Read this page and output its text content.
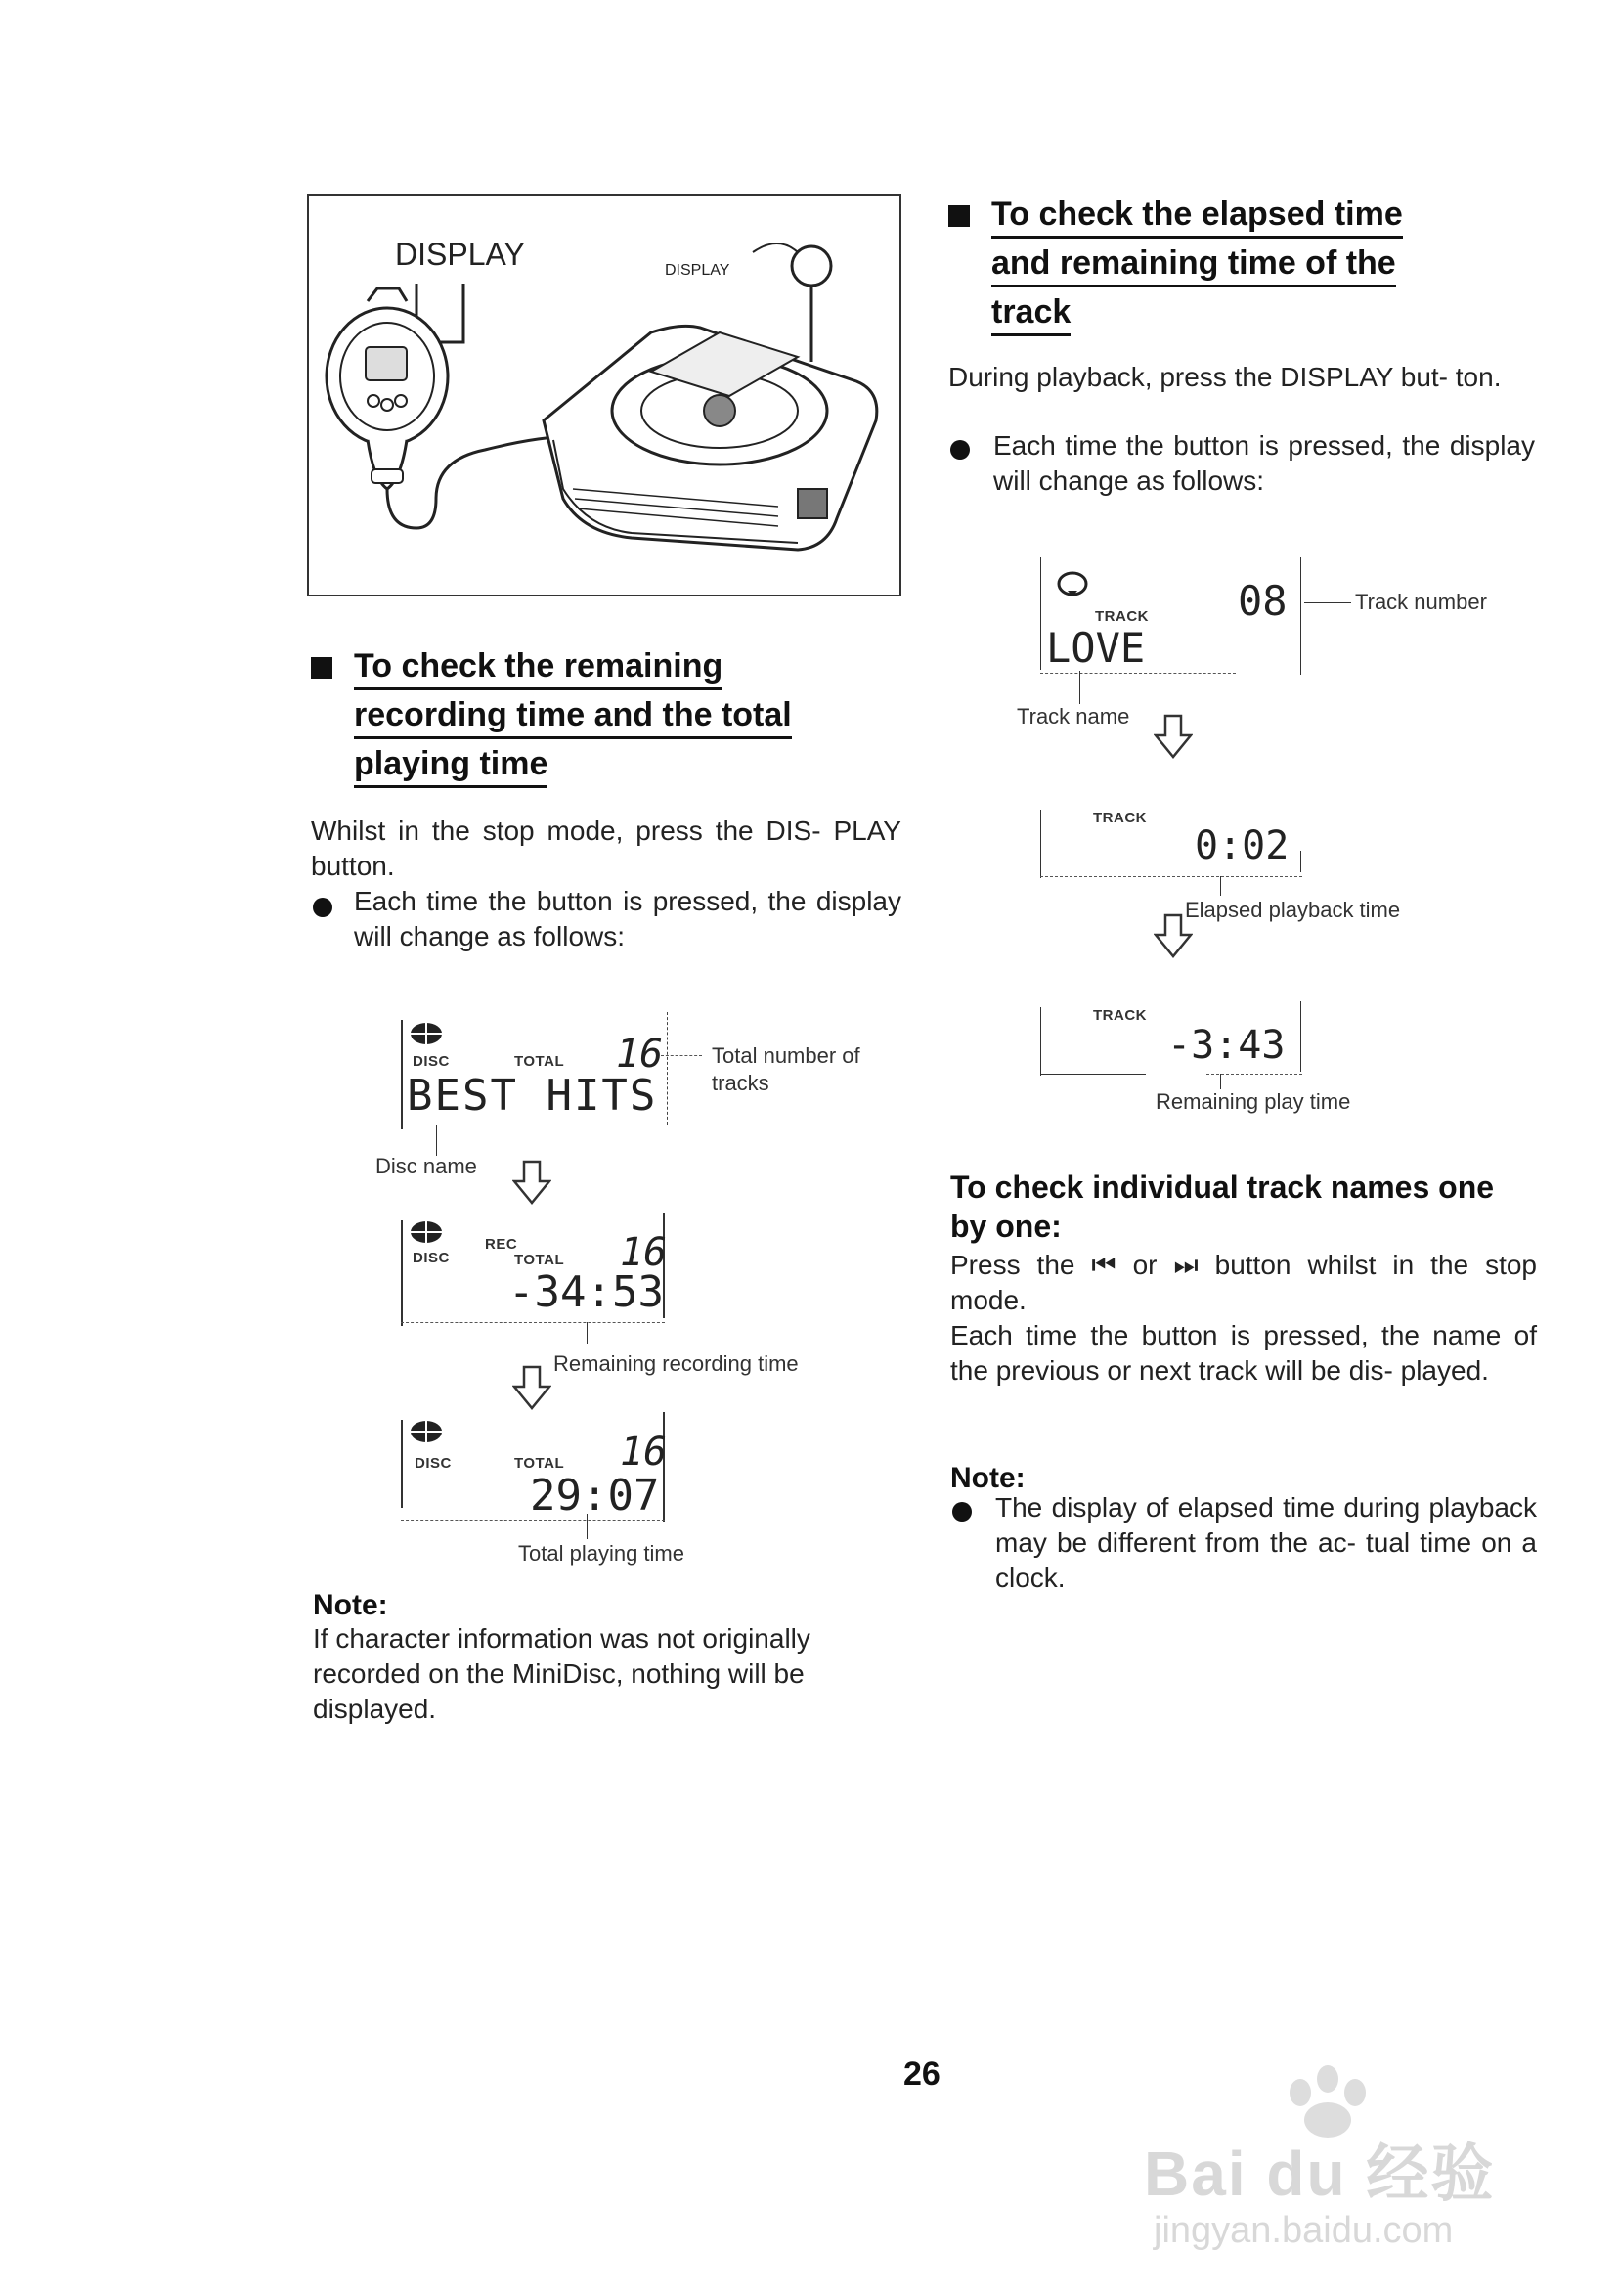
DISPLAY	DISPLAY
To check the remaining
recording time and the total
playing time
Whilst in the stop mode, press the DIS- PLAY button.
Each time the button is pressed, the display will change as follows:
DISC	TOTAL 16
BEST HITS
Total number of tracks
Disc name
DISC
REC
TOTAL 16
-34:53
Remaining recording time
DISC	TOTAL 16
29:07
Total playing time
Note:
If character information was not originally recorded on the MiniDisc, nothing will be displayed.
To check the elapsed time
and remaining time of the
track
During playback, press the DISPLAY but- ton.
Each time the button is pressed, the display will change as follows:
TRACK 08
LOVE
Track number
Track name
TRACK
0:02
Elapsed playback time
TRACK
-3:43
Remaining play time
To check individual track names one by one:
Press the ⏮ or ⏭ button whilst in the stop mode.
Each time the button is pressed, the name of the previous or next track will be dis- played.
Note:
The display of elapsed time during playback may be different from the ac- tual time on a clock.
26
Bai du 经验
jingyan.baidu.com
